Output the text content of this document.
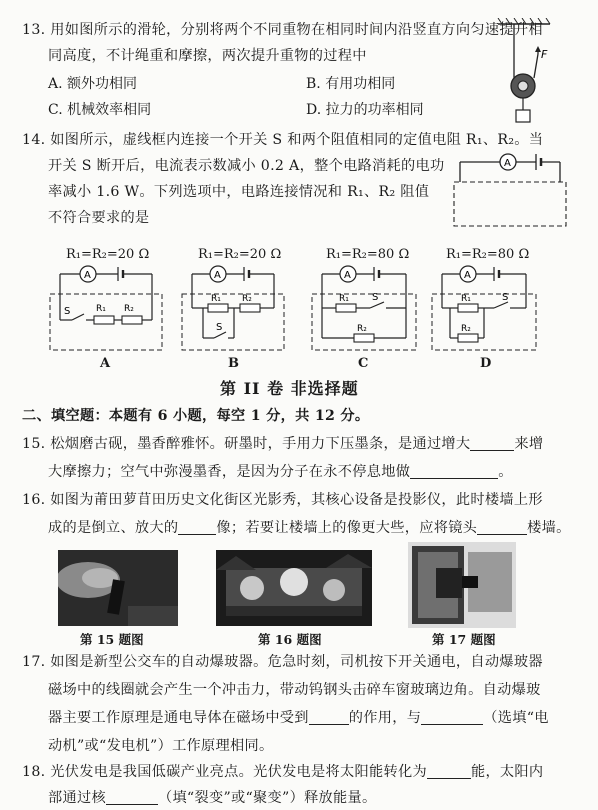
13. 用如图所示的滑轮，分别将两个不同重物在相同时间内沿竖直方向匀速提升相
同高度，不计绳重和摩擦，两次提升重物的过程中
A. 额外功相同	B. 有用功相同
C. 机械效率相同	D. 拉力的功率相同
F
14. 如图所示，虚线框内连接一个开关 S 和两个阻值相同的定值电阻 R₁、R₂。当
开关 S 断开后，电流表示数减小 0.2 A，整个电路消耗的电功
率减小 1.6 W。下列选项中，电路连接情况和 R₁、R₂ 阻值
不符合要求的是
A
R₁=R₂=20 Ω	R₁=R₂=20 Ω	R₁=R₂=80 Ω	R₁=R₂=80 Ω
A
S	R₁ R₂
A
R₁ R₂
S
A
R₁ S
R₂
A
R₁	S
R₂
A	B	C	D
第 II 卷 非选择题
二、填空题：本题有 6 小题，每空 1 分，共 12 分。
15. 松烟磨古砚，墨香醉雅怀。研墨时，手用力下压墨条，是通过增大	来增
大摩擦力；空气中弥漫墨香，是因为分子在永不停息地做	。
16. 如图为莆田萝苜田历史文化街区光影秀，其核心设备是投影仪，此时楼墙上形
成的是倒立、放大的	像；若要让楼墙上的像更大些，应将镜头	楼墙。
第 15 题图	第 16 题图	第 17 题图
17. 如图是新型公交车的自动爆玻器。危急时刻，司机按下开关通电，自动爆玻器
磁场中的线圈就会产生一个冲击力，带动钨钢头击碎车窗玻璃边角。自动爆玻
器主要工作原理是通电导体在磁场中受到	的作用，与	（选填“电
动机”或“发电机”）工作原理相同。
18. 光伏发电是我国低碳产业亮点。光伏发电是将太阳能转化为	能，太阳内
部通过核	（填“裂变”或“聚变”）释放能量。
